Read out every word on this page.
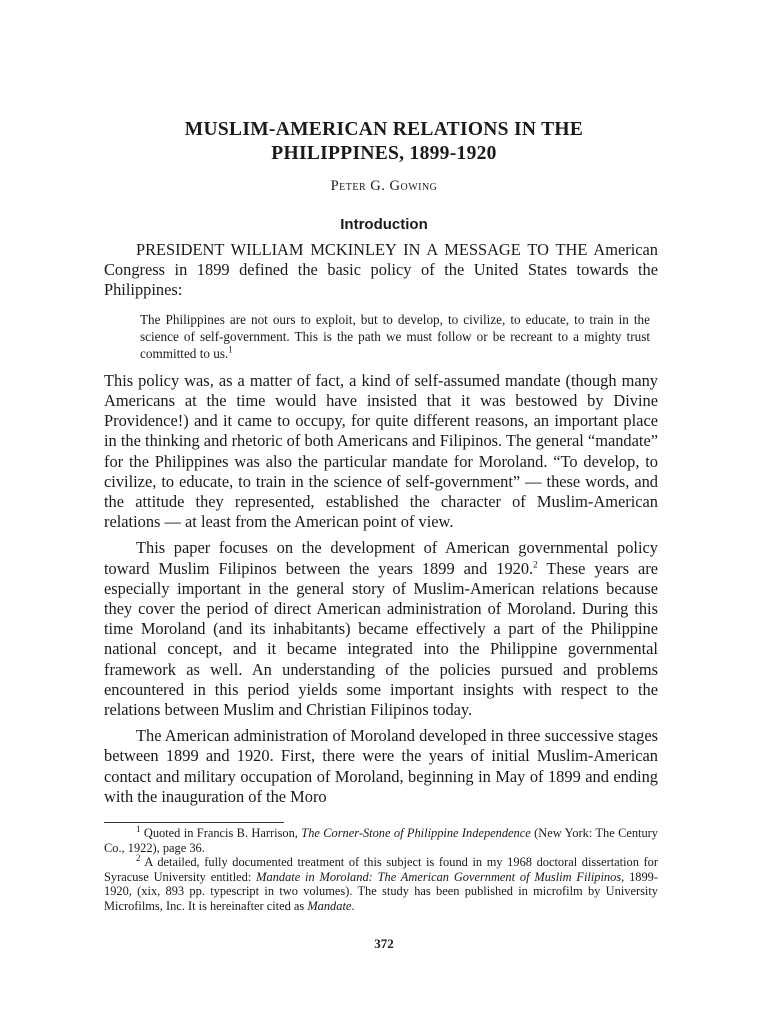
MUSLIM-AMERICAN RELATIONS IN THE
PHILIPPINES, 1899-1920
Peter G. Gowing
Introduction

PRESIDENT WILLIAM MCKINLEY IN A MESSAGE TO THE American Congress in 1899 defined the basic policy of the United States towards the Philippines:

The Philippines are not ours to exploit, but to develop, to civilize, to educate, to train in the science of self-government. This is the path we must follow or be recreant to a mighty trust committed to us.$^1$

This policy was, as a matter of fact, a kind of self-assumed mandate (though many Americans at the time would have insisted that it was bestowed by Divine Providence!) and it came to occupy, for quite different reasons, an important place in the thinking and rhetoric of both Americans and Filipinos. The general “mandate” for the Philippines was also the particular mandate for Moroland. “To develop, to civilize, to educate, to train in the science of self-government” — these words, and the attitude they represented, established the character of Muslim-American relations — at least from the American point of view.

This paper focuses on the development of American governmental policy toward Muslim Filipinos between the years 1899 and 1920.$^2$ These years are especially important in the general story of Muslim-American relations because they cover the period of direct American administration of Moroland. During this time Moroland (and its inhabitants) became effectively a part of the Philippine national concept, and it became integrated into the Philippine governmental framework as well. An understanding of the policies pursued and problems encountered in this period yields some important insights with respect to the relations between Muslim and Christian Filipinos today.

The American administration of Moroland developed in three successive stages between 1899 and 1920. First, there were the years of initial Muslim-American contact and military occupation of Moroland, beginning in May of 1899 and ending with the inauguration of the Moro

$^1$ Quoted in Francis B. Harrison, The Corner-Stone of Philippine Independence (New York: The Century Co., 1922), page 36.

$^2$ A detailed, fully documented treatment of this subject is found in my 1968 doctoral dissertation for Syracuse University entitled: Mandate in Moroland: The American Government of Muslim Filipinos, 1899-1920, (xix, 893 pp. typescript in two volumes). The study has been published in microfilm by University Microfilms, Inc. It is hereinafter cited as Mandate.

372
